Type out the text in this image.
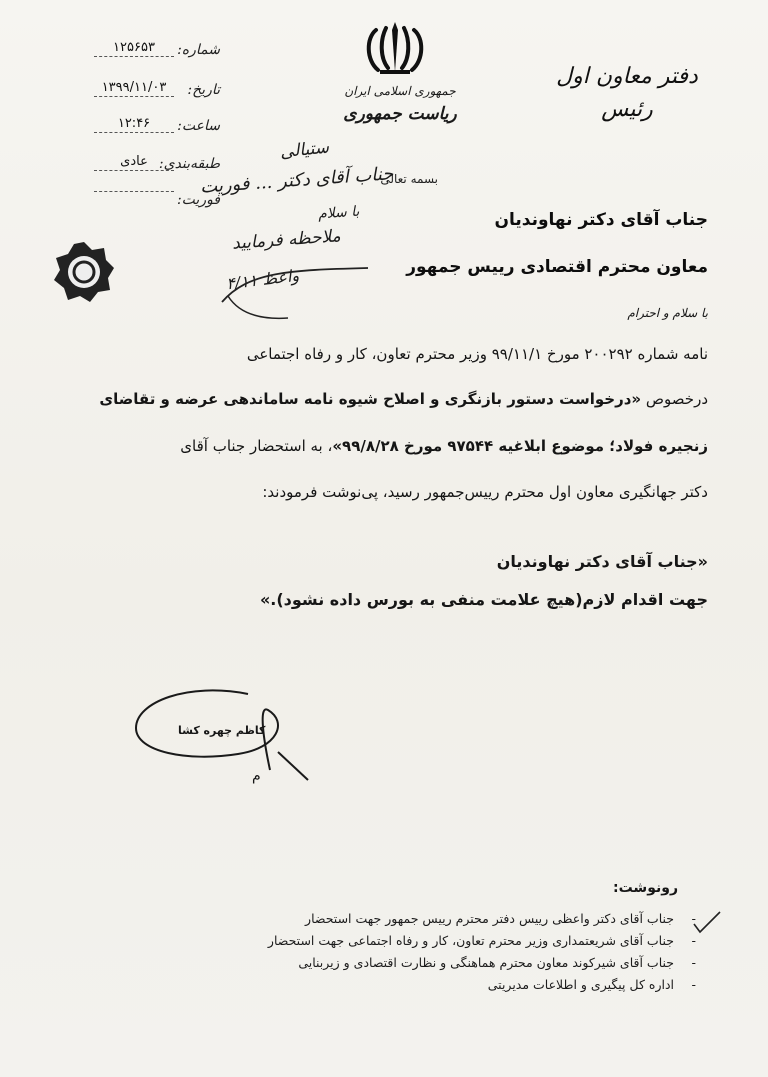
شماره:
۱۲۵۶۵۳
تاریخ:
۱۳۹۹/۱۱/۰۳
ساعت:
۱۲:۴۶
طبقه‌بندی:
عادی
فوریت:
جمهوری اسلامی ایران
ریاست جمهوری
دفتر معاون اول
رئیس
بسمه تعالی
ستیالی
جناب آقای دکتر ... فوریت
با سلام
ملاحظه فرمایید
واعظ ۴/۱۱
جناب آقای دکتر نهاوندیان
معاون محترم اقتصادی رییس جمهور
با سلام و احترام
نامه شماره ۲۰۰۲۹۲ مورخ ۹۹/۱۱/۱ وزیر محترم تعاون، کار و رفاه اجتماعی
درخصوص «درخواست دستور بازنگری و اصلاح شیوه نامه ساماندهی عرضه و تقاضای
زنجیره فولاد؛ موضوع ابلاغیه ۹۷۵۴۴ مورخ ۹۹/۸/۲۸»، به استحضار جناب آقای
دکتر جهانگیری معاون اول محترم رییس‌جمهور رسید، پی‌نوشت فرمودند:
«جناب آقای دکتر نهاوندیان
جهت اقدام لازم(هیچ علامت منفی به بورس داده نشود).»
کاظم چهره کشا
م
رونوشت:
-
جناب آقای دکتر واعظی رییس دفتر محترم رییس جمهور جهت استحضار
-
جناب آقای شریعتمداری وزیر محترم تعاون، کار و رفاه اجتماعی جهت استحضار
-
جناب آقای شیرکوند معاون محترم هماهنگی و نظارت اقتصادی و زیربنایی
-
اداره کل پیگیری و اطلاعات مدیریتی
